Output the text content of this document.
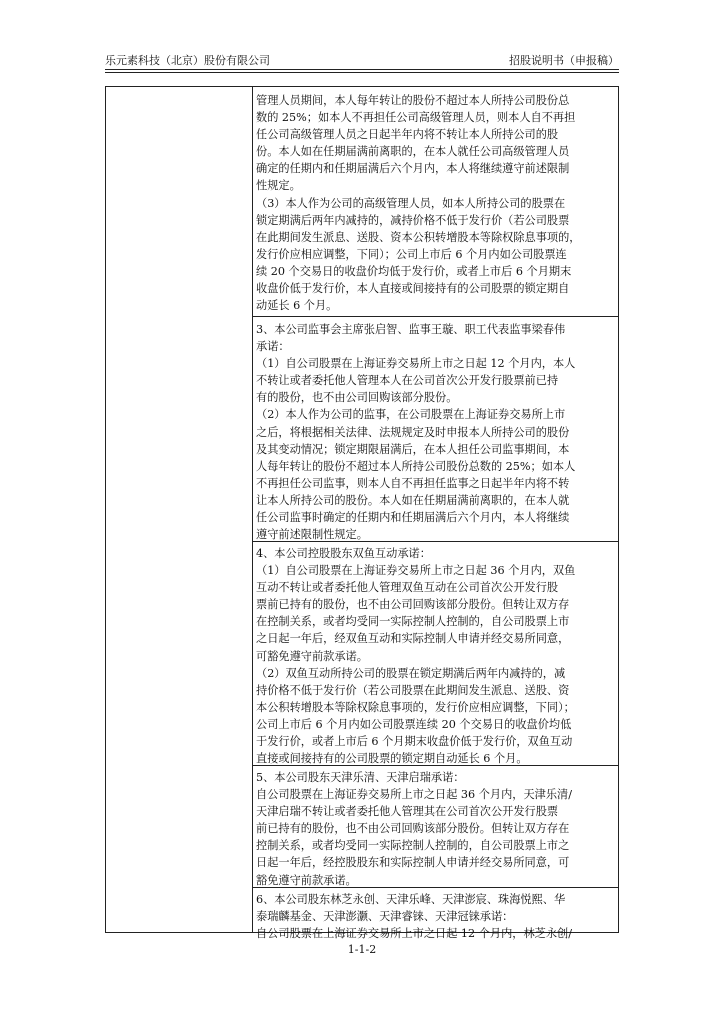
乐元素科技（北京）股份有限公司	招股说明书（申报稿）

管理人员期间，本人每年转让的股份不超过本人所持公司股份总

数的 25%；如本人不再担任公司高级管理人员，则本人自不再担

任公司高级管理人员之日起半年内将不转让本人所持公司的股

份。本人如在任期届满前离职的，在本人就任公司高级管理人员

确定的任期内和任期届满后六个月内，本人将继续遵守前述限制

性规定。

（3）本人作为公司的高级管理人员，如本人所持公司的股票在

锁定期满后两年内减持的，减持价格不低于发行价（若公司股票

在此期间发生派息、送股、资本公积转增股本等除权除息事项的，

发行价应相应调整，下同）；公司上市后 6 个月内如公司股票连

续 20 个交易日的收盘价均低于发行价，或者上市后 6 个月期末

收盘价低于发行价，本人直接或间接持有的公司股票的锁定期自

动延长 6 个月。

3、本公司监事会主席张启智、监事王璇、职工代表监事梁春伟

承诺：

（1）自公司股票在上海证券交易所上市之日起 12 个月内，本人

不转让或者委托他人管理本人在公司首次公开发行股票前已持

有的股份，也不由公司回购该部分股份。

（2）本人作为公司的监事，在公司股票在上海证券交易所上市

之后，将根据相关法律、法规规定及时申报本人所持公司的股份

及其变动情况；锁定期限届满后，在本人担任公司监事期间，本

人每年转让的股份不超过本人所持公司股份总数的 25%；如本人

不再担任公司监事，则本人自不再担任监事之日起半年内将不转

让本人所持公司的股份。本人如在任期届满前离职的，在本人就

任公司监事时确定的任期内和任期届满后六个月内，本人将继续

遵守前述限制性规定。

4、本公司控股股东双鱼互动承诺：

（1）自公司股票在上海证券交易所上市之日起 36 个月内，双鱼

互动不转让或者委托他人管理双鱼互动在公司首次公开发行股

票前已持有的股份，也不由公司回购该部分股份。但转让双方存

在控制关系，或者均受同一实际控制人控制的，自公司股票上市

之日起一年后，经双鱼互动和实际控制人申请并经交易所同意，

可豁免遵守前款承诺。

（2）双鱼互动所持公司的股票在锁定期满后两年内减持的，减

持价格不低于发行价（若公司股票在此期间发生派息、送股、资

本公积转增股本等除权除息事项的，发行价应相应调整，下同）；

公司上市后 6 个月内如公司股票连续 20 个交易日的收盘价均低

于发行价，或者上市后 6 个月期末收盘价低于发行价，双鱼互动

直接或间接持有的公司股票的锁定期自动延长 6 个月。

5、本公司股东天津乐清、天津启瑞承诺：

自公司股票在上海证券交易所上市之日起 36 个月内，天津乐清/

天津启瑞不转让或者委托他人管理其在公司首次公开发行股票

前已持有的股份，也不由公司回购该部分股份。但转让双方存在

控制关系，或者均受同一实际控制人控制的，自公司股票上市之

日起一年后，经控股股东和实际控制人申请并经交易所同意，可

豁免遵守前款承诺。

6、本公司股东林芝永创、天津乐峰、天津澎宸、珠海悦熙、华

泰瑞麟基金、天津澎灏、天津睿铼、天津冠铼承诺：

自公司股票在上海证券交易所上市之日起 12 个月内，林芝永创/

1-1-2
